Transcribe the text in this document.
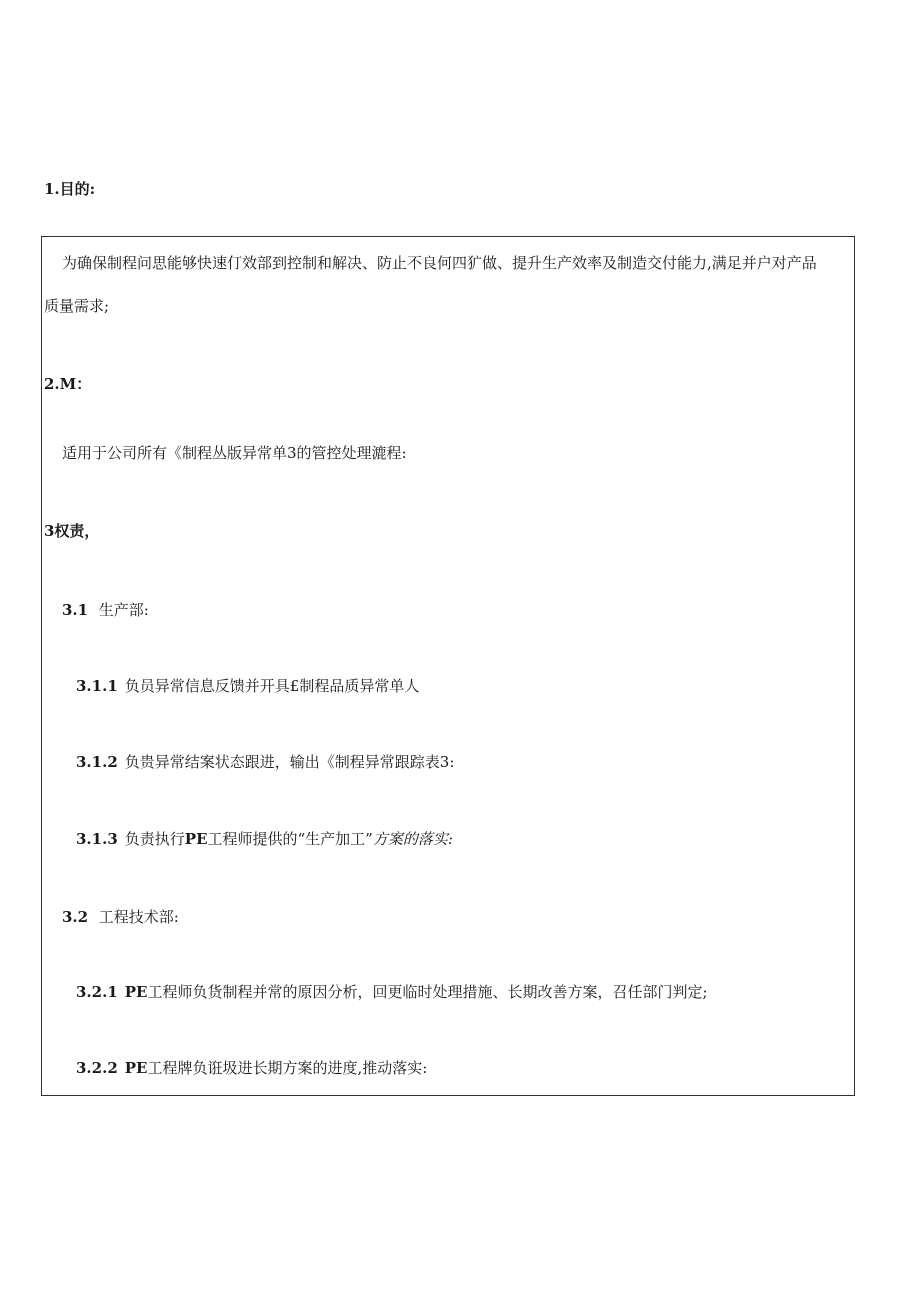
1.目的:
为确保制程问思能够快速仃效部到控制和解决、防止不良何四犷做、提升生产效率及制造交付能力,满足并户对产品
质量需求;
2.M：
适用于公司所有《制程丛版异常单3的管控处理漉程:
3权责，
3.1 生产部:
3.1.1 负员异常信息反馈并开具£制程品质异常单人
3.1.2 负贵异常结案状态跟进，输出《制程异常跟踪表3:
3.1.3 负责执行PE工程师提供的“生产加工”方案的落实:
3.2 工程技术部:
3.2.1 PE工程师负货制程并常的原因分析，回更临时处理措施、长期改善方案，召任部门判定;
3.2.2 PE工程牌负诳圾进长期方案的进度,推动落实:
